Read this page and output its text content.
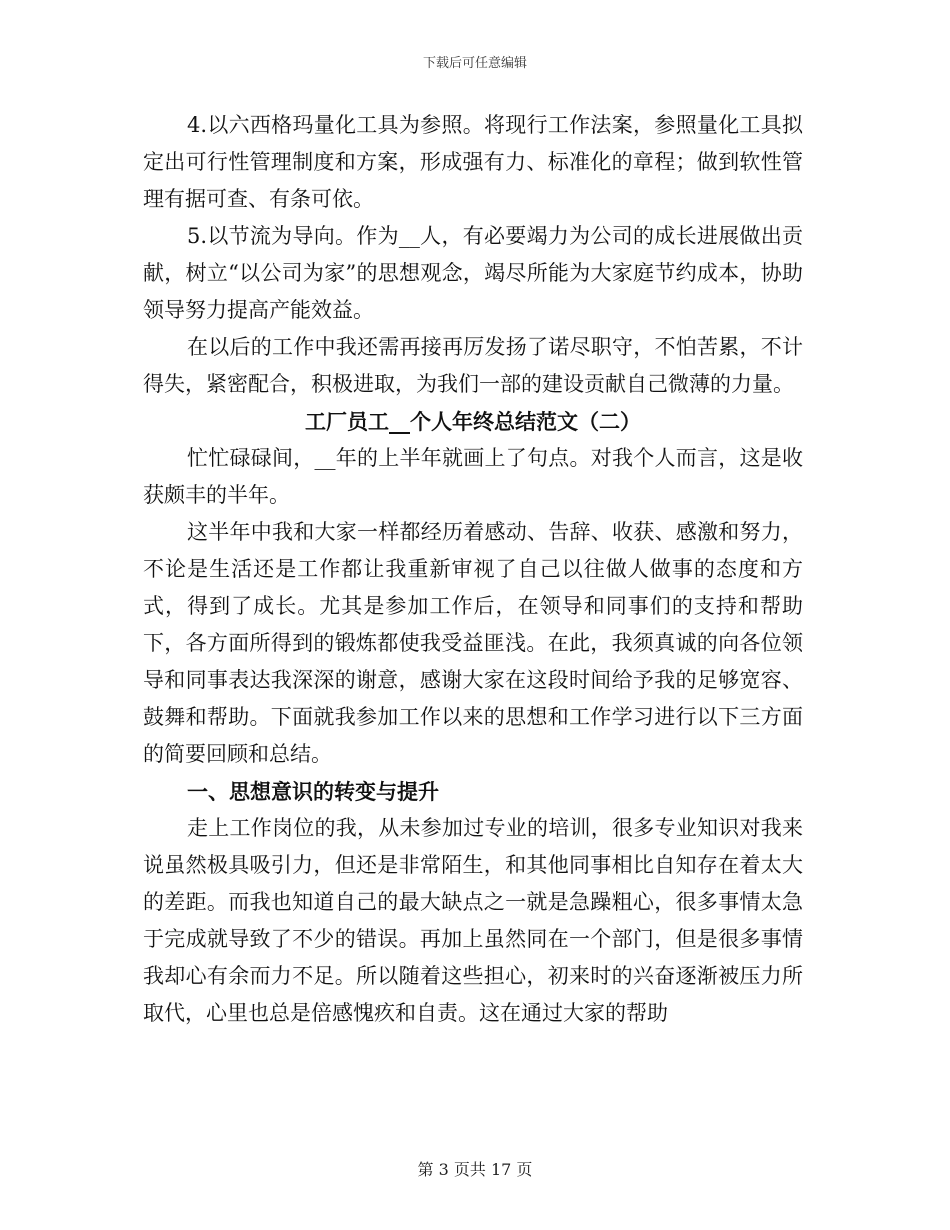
下载后可任意编辑

4.以六西格玛量化工具为参照。将现行工作法案，参照量化工具拟定出可行性管理制度和方案，形成强有力、标准化的章程；做到软性管理有据可查、有条可依。

5.以节流为导向。作为__人，有必要竭力为公司的成长进展做出贡献，树立“以公司为家”的思想观念，竭尽所能为大家庭节约成本，协助领导努力提高产能效益。

在以后的工作中我还需再接再厉发扬了诺尽职守，不怕苦累，不计得失，紧密配合，积极进取，为我们一部的建设贡献自己微薄的力量。

工厂员工__个人年终总结范文（二）

忙忙碌碌间，__年的上半年就画上了句点。对我个人而言，这是收获颇丰的半年。

这半年中我和大家一样都经历着感动、告辞、收获、感激和努力，不论是生活还是工作都让我重新审视了自己以往做人做事的态度和方式，得到了成长。尤其是参加工作后，在领导和同事们的支持和帮助下，各方面所得到的锻炼都使我受益匪浅。在此，我须真诚的向各位领导和同事表达我深深的谢意，感谢大家在这段时间给予我的足够宽容、鼓舞和帮助。下面就我参加工作以来的思想和工作学习进行以下三方面的简要回顾和总结。

一、思想意识的转变与提升

走上工作岗位的我，从未参加过专业的培训，很多专业知识对我来说虽然极具吸引力，但还是非常陌生，和其他同事相比自知存在着太大的差距。而我也知道自己的最大缺点之一就是急躁粗心，很多事情太急于完成就导致了不少的错误。再加上虽然同在一个部门，但是很多事情我却心有余而力不足。所以随着这些担心，初来时的兴奋逐渐被压力所取代，心里也总是倍感愧疚和自责。这在通过大家的帮助

第 3 页共 17 页
